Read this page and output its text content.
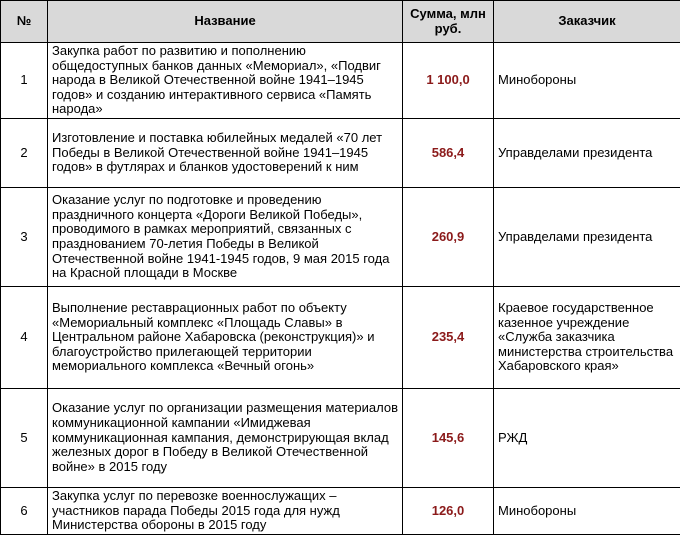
№	Название	Сумма, млн руб.	Заказчик
1	Закупка работ по развитию и пополнению общедоступных банков данных «Мемориал», «Подвиг народа в Великой Отечественной войне 1941–1945 годов» и созданию интерактивного сервиса «Память народа»	1 100,0	Минобороны
2	Изготовление и поставка юбилейных медалей «70 лет Победы в Великой Отечественной войне 1941–1945 годов» в футлярах и бланков удостоверений к ним	586,4	Управделами президента
3	Оказание услуг по подготовке и проведению праздничного концерта «Дороги Великой Победы», проводимого в рамках мероприятий, связанных с празднованием 70-летия Победы в Великой Отечественной войне 1941-1945 годов, 9 мая 2015 года на Красной площади в Москве	260,9	Управделами президента
4	Выполнение реставрационных работ по объекту «Мемориальный комплекс «Площадь Славы» в Центральном районе Хабаровска (реконструкция)» и благоустройство прилегающей территории мемориального комплекса «Вечный огонь»	235,4	Краевое государственное казенное учреждение «Служба заказчика министерства строительства Хабаровского края»
5	Оказание услуг по организации размещения материалов коммуникационной кампании «Имиджевая коммуникационная кампания, демонстрирующая вклад железных дорог в Победу в Великой Отечественной войне» в 2015 году	145,6	РЖД
6	Закупка услуг по перевозке военнослужащих – участников парада Победы 2015 года для нужд Министерства обороны в 2015 году	126,0	Минобороны
